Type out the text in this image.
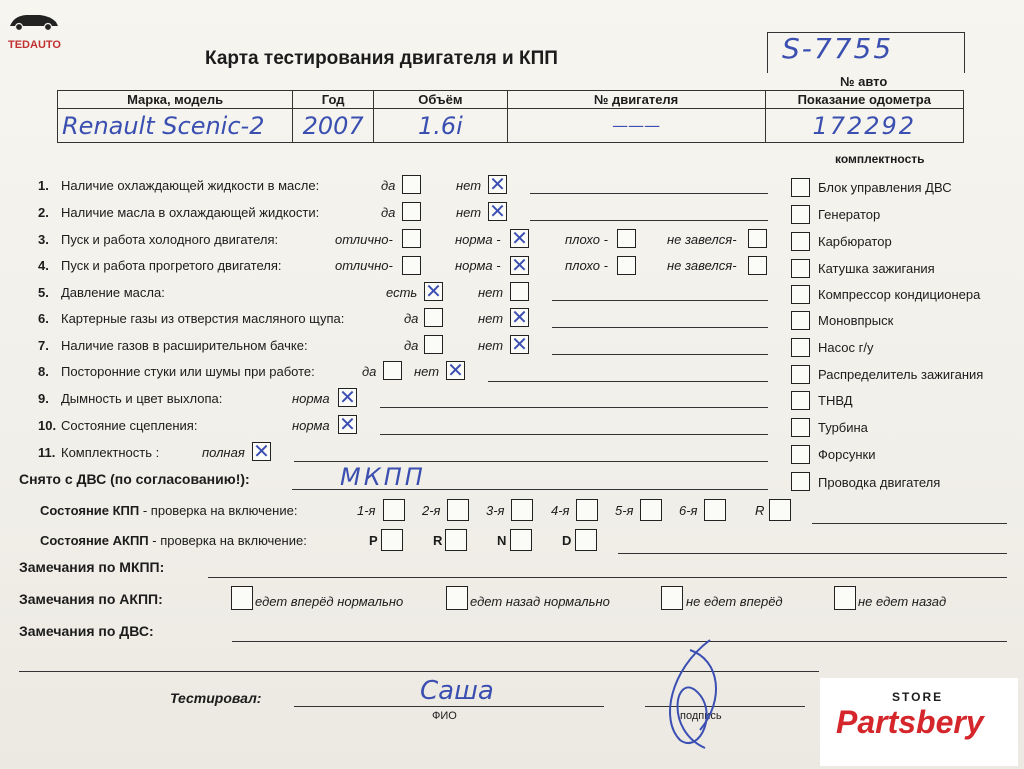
TEDAUTO
Карта тестирования двигателя и КПП	S-7755
№ авто
Марка, модель	Год	Объём	№ двигателя	Показание одометра
Renault Scenic-2	2007	1.6i	———	172292
комплектность
Блок управления ДВС
Генератор
Карбюратор
Катушка зажигания
Компрессор кондиционера
Моновпрыск
Насос г/у
Распределитель зажигания
ТНВД
Турбина
Форсунки
Проводка двигателя
1. Наличие охлаждающей жидкости в масле:	да	нет ✕
2. Наличие масла в охлаждающей жидкости:	да	нет ✕
3. Пуск и работа холодного двигателя:	отлично-	норма - ✕	плохо -	не завелся-
4. Пуск и работа прогретого двигателя:	отлично-	норма - ✕	плохо -	не завелся-
5. Давление масла:	есть ✕	нет
6. Картерные газы из отверстия масляного щупа:	да	нет ✕
7. Наличие газов в расширительном бачке:	да	нет ✕
8. Посторонние стуки или шумы при работе:	да	нет ✕
9. Дымность и цвет выхлопа:	норма ✕
10. Состояние сцепления:	норма ✕
11. Комплектность :	полная ✕
Снято с ДВС (по согласованию!):	МКПП
Состояние КПП - проверка на включение:	1-я	2-я	3-я	4-я	5-я	6-я	R
Состояние АКПП - проверка на включение:	P	R	N	D
Замечания по МКПП:
Замечания по АКПП:	едет вперёд нормально	едет назад нормально	не едет вперёд	не едет назад
Замечания по ДВС:
Тестировал:	Саша
ФИО	подпись
STORE
Partsbery
